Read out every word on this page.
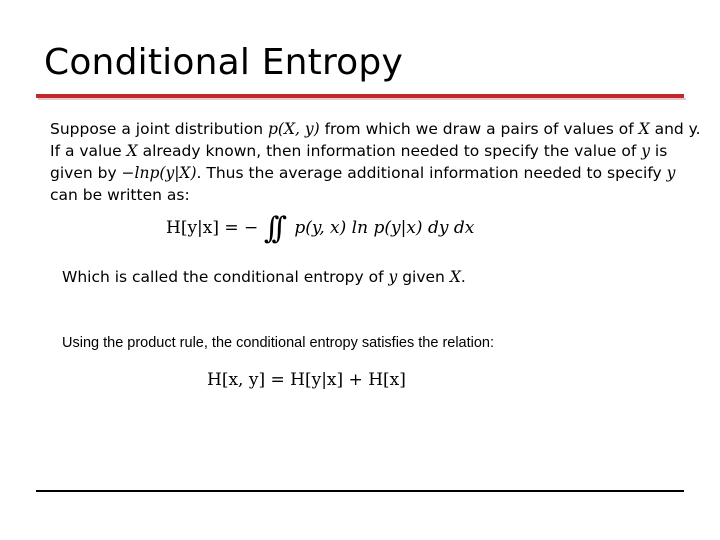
Conditional Entropy
Suppose a joint distribution p(X, y) from which we draw a pairs of values of X and y.
If a value X already known, then information needed to specify the value of y is
given by −lnp(y|X). Thus the average additional information needed to specify y
can be written as:
H[y|x] = − ∫∫ p(y, x) ln p(y|x) dy dx
Which is called the conditional entropy of y given X.
Using the product rule, the conditional entropy satisfies the relation:
H[x, y] = H[y|x] + H[x]
